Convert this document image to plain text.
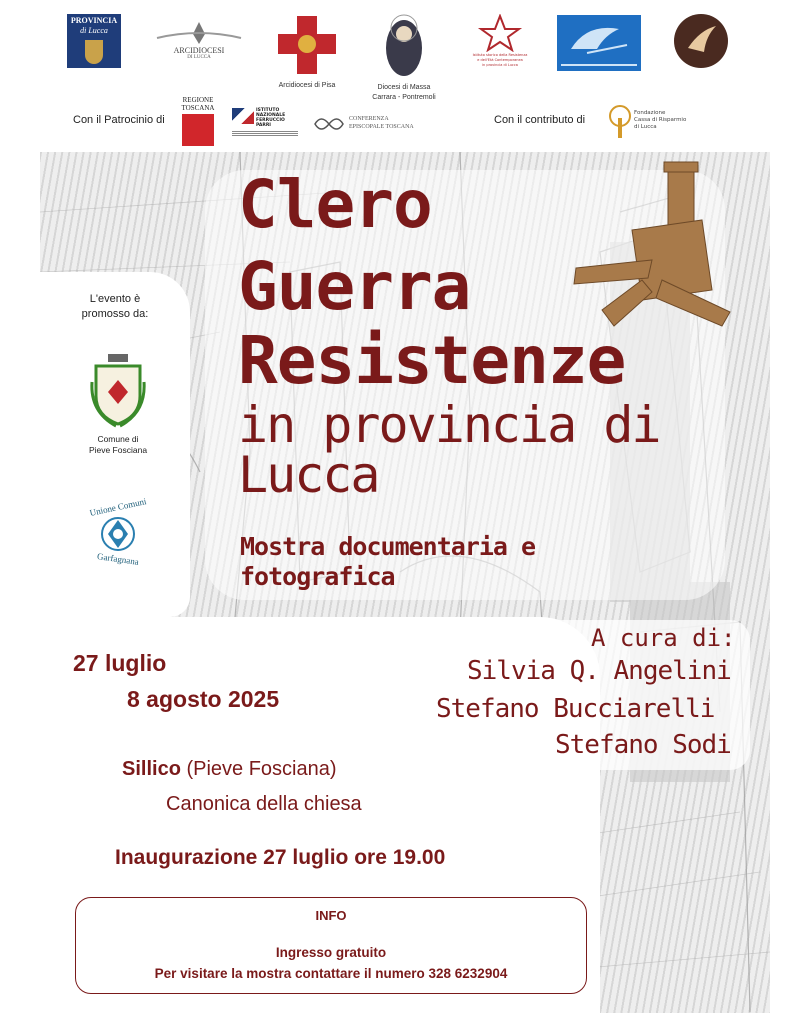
PROVINCIA
di Lucca
ARCIDIOCESI
DI LUCCA
Arcidiocesi di Pisa	Diocesi di Massa
Carrara - Pontremoli
Istituto storico della Resistenza
e dell'Età Contemporanea
in provincia di Lucca
Con il Patrocinio di
REGIONE
TOSCANA	ISTITUTO
NAZIONALE
FERRUCCIO
PARRI
CONFERENZA
EPISCOPALE TOSCANA
Con il contributo di
Fondazione
Cassa di Risparmio
di Lucca
Clero
Guerra
Resistenze
in provincia di
Lucca
Mostra documentaria e
fotografica
L'evento è
promosso da:
Comune di
Pieve Fosciana
Unione Comuni
Garfagnana
A cura di:
Silvia Q. Angelini
Stefano Bucciarelli
Stefano Sodi
27 luglio
8 agosto 2025
Sillico (Pieve Fosciana)
Canonica della chiesa
Inaugurazione 27 luglio ore 19.00
INFO
Ingresso gratuito
Per visitare la mostra contattare il numero 328 6232904
